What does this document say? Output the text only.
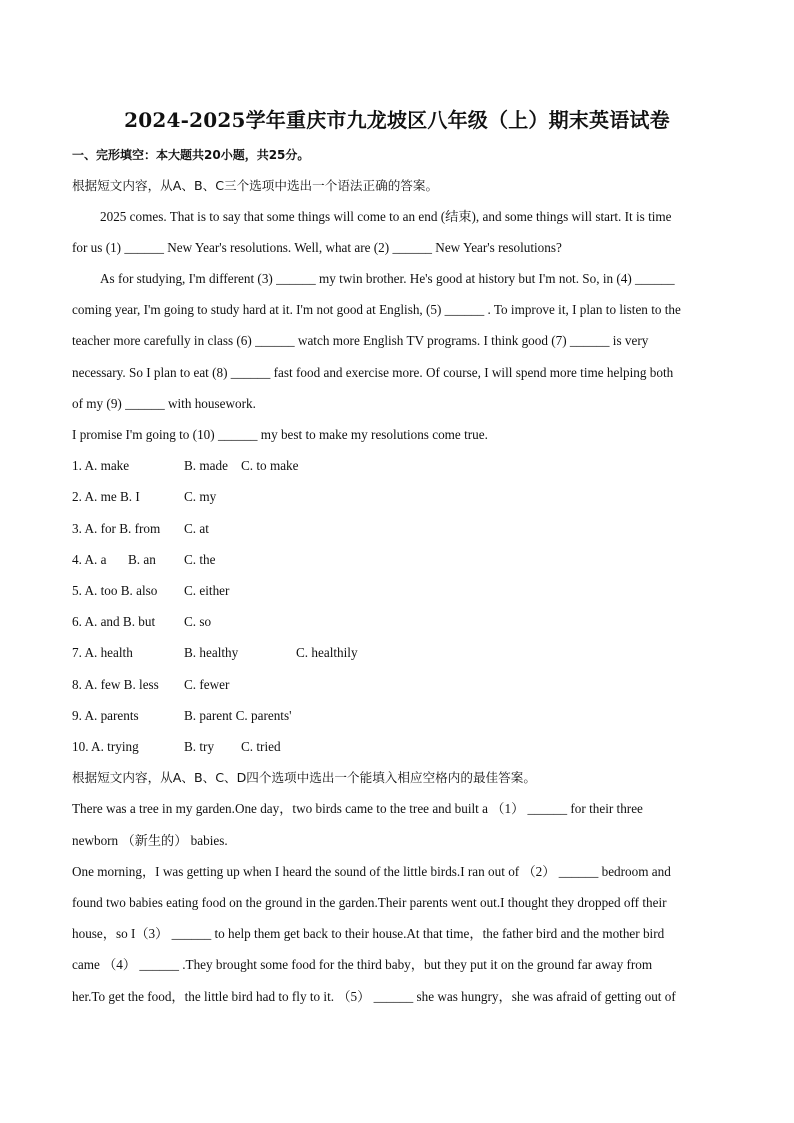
2024-2025学年重庆市九龙坡区八年级（上）期末英语试卷
一、完形填空：本大题共20小题，共25分。
根据短文内容，从A、B、C三个选项中选出一个语法正确的答案。
2025 comes. That is to say that some things will come to an end (结束), and some things will start. It is time
for us (1) ______ New Year's resolutions. Well, what are (2) ______ New Year's resolutions?
As for studying, I'm different (3) ______ my twin brother. He's good at history but I'm not. So, in (4) ______
coming year, I'm going to study hard at it. I'm not good at English, (5) ______ . To improve it, I plan to listen to the
teacher more carefully in class (6) ______ watch more English TV programs. I think good (7) ______ is very
necessary. So I plan to eat (8) ______ fast food and exercise more. Of course, I will spend more time helping both
of my (9) ______ with housework.
I promise I'm going to (10) ______ my best to make my resolutions come true.
1. A. make	B. made C. to make
2. A. me B. I	C. my
3. A. for B. from C. at
4. A. a B. an C. the
5. A. too B. also C. either
6. A. and B. but C. so
7. A. health	B. healthy	C. healthily
8. A. few B. less C. fewer
9. A. parents	B. parent C. parents'
10. A. trying	B. try C. tried
根据短文内容，从A、B、C、D四个选项中选出一个能填入相应空格内的最佳答案。
There was a tree in my garden.One day，two birds came to the tree and built a （1） ______ for their three
newborn （新生的） babies.
One morning，I was getting up when I heard the sound of the little birds.I ran out of （2） ______ bedroom and
found two babies eating food on the ground in the garden.Their parents went out.I thought they dropped off their
house，so I（3） ______ to help them get back to their house.At that time，the father bird and the mother bird
came （4） ______ .They brought some food for the third baby，but they put it on the ground far away from
her.To get the food，the little bird had to fly to it. （5） ______ she was hungry，she was afraid of getting out of
